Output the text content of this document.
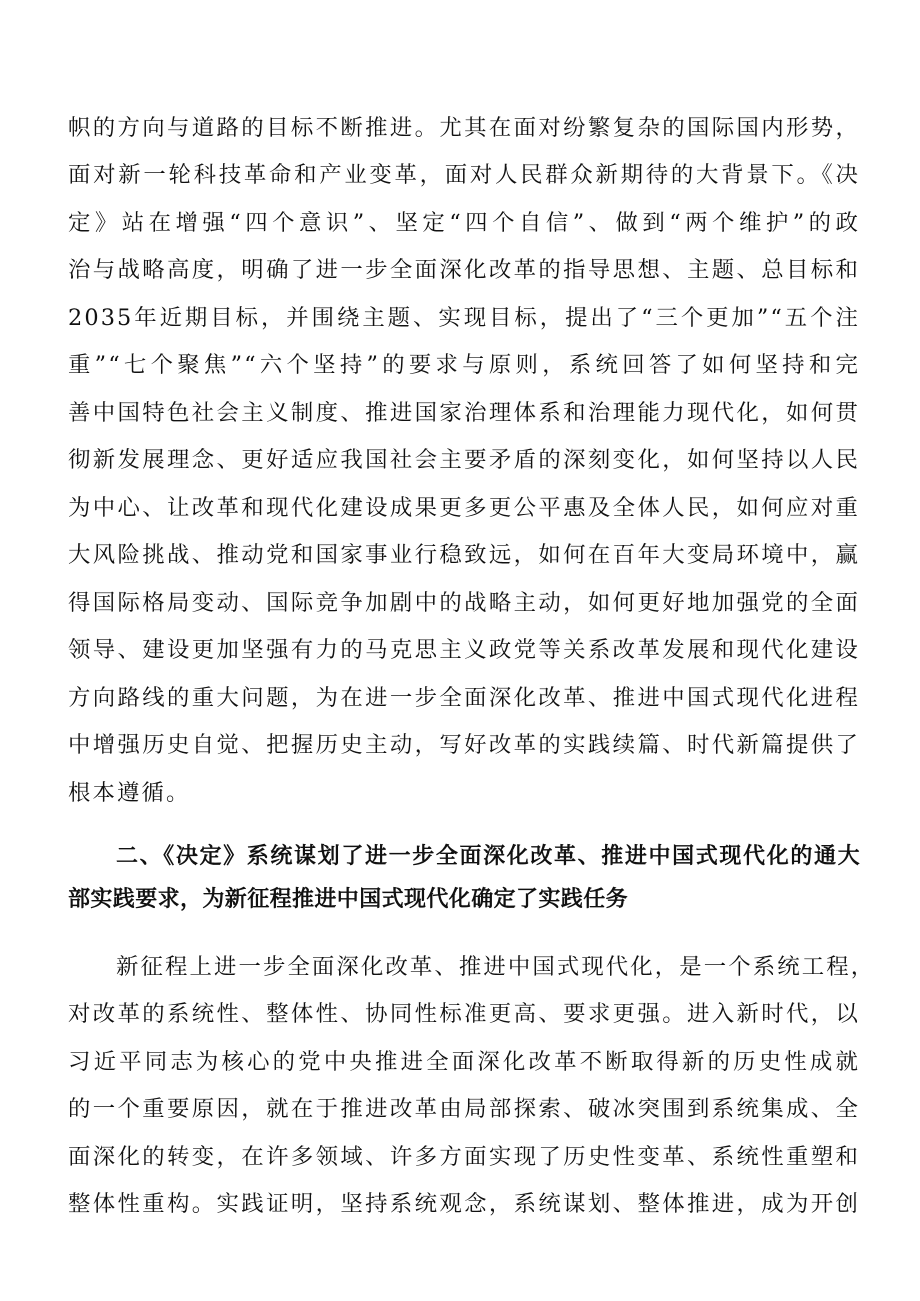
帜的方向与道路的目标不断推进。尤其在面对纷繁复杂的国际国内形势，
面对新一轮科技革命和产业变革，面对人民群众新期待的大背景下。《决
定》站在增强“四个意识”、坚定“四个自信”、做到“两个维护”的政
治与战略高度，明确了进一步全面深化改革的指导思想、主题、总目标和
2035年近期目标，并围绕主题、实现目标，提出了“三个更加”“五个注
重”“七个聚焦”“六个坚持”的要求与原则，系统回答了如何坚持和完
善中国特色社会主义制度、推进国家治理体系和治理能力现代化，如何贯
彻新发展理念、更好适应我国社会主要矛盾的深刻变化，如何坚持以人民
为中心、让改革和现代化建设成果更多更公平惠及全体人民，如何应对重
大风险挑战、推动党和国家事业行稳致远，如何在百年大变局环境中，赢
得国际格局变动、国际竞争加剧中的战略主动，如何更好地加强党的全面
领导、建设更加坚强有力的马克思主义政党等关系改革发展和现代化建设
方向路线的重大问题，为在进一步全面深化改革、推进中国式现代化进程
中增强历史自觉、把握历史主动，写好改革的实践续篇、时代新篇提供了
根本遵循。
二、《决定》系统谋划了进一步全面深化改革、推进中国式现代化的通大
部实践要求，为新征程推进中国式现代化确定了实践任务
新征程上进一步全面深化改革、推进中国式现代化，是一个系统工程，
对改革的系统性、整体性、协同性标准更高、要求更强。进入新时代，以
习近平同志为核心的党中央推进全面深化改革不断取得新的历史性成就
的一个重要原因，就在于推进改革由局部探索、破冰突围到系统集成、全
面深化的转变，在许多领域、许多方面实现了历史性变革、系统性重塑和
整体性重构。实践证明，坚持系统观念，系统谋划、整体推进，成为开创
